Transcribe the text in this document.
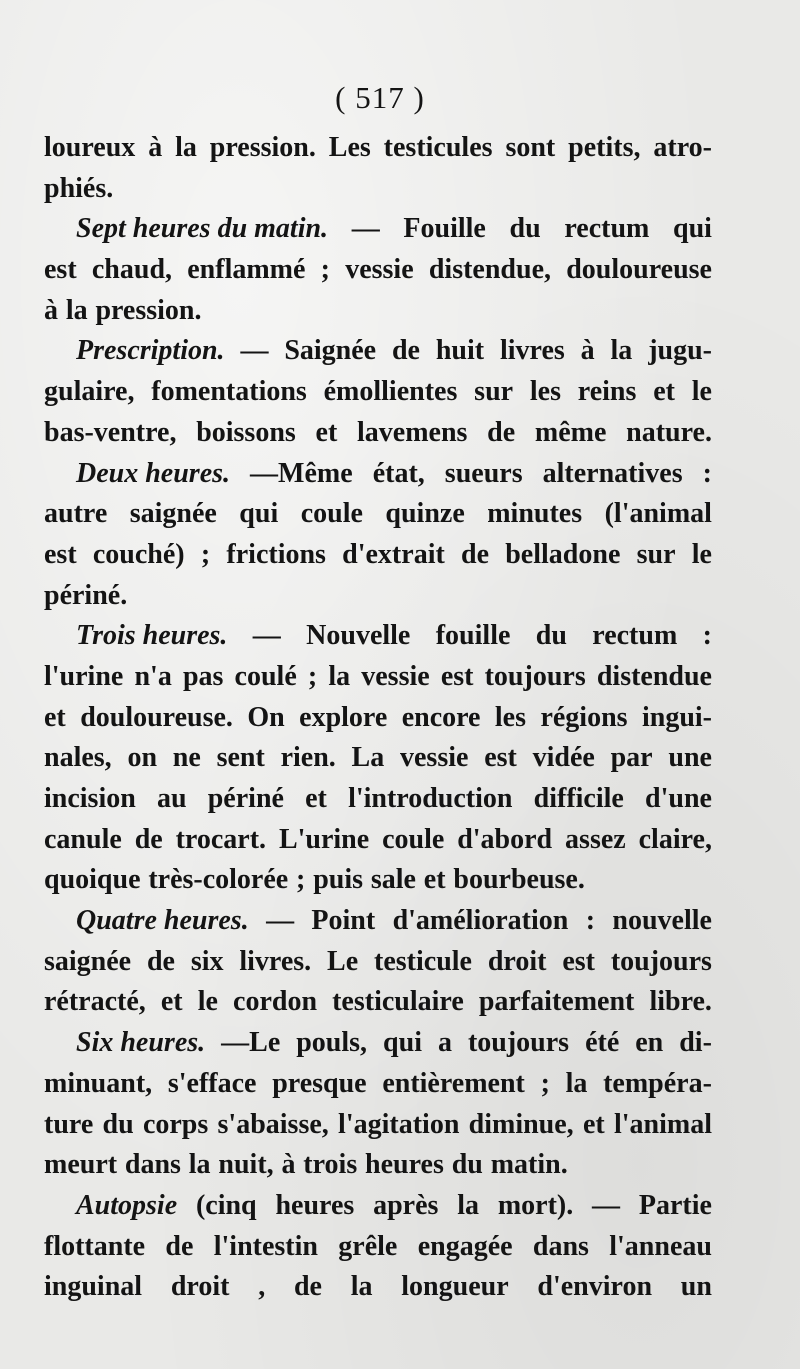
( 517 )
loureux à la pression. Les testicules sont petits, atro-
phiés.
Sept heures du matin. — Fouille du rectum qui
est chaud, enflammé ; vessie distendue, douloureuse
à la pression.
Prescription. — Saignée de huit livres à la jugu-
gulaire, fomentations émollientes sur les reins et le
bas-ventre, boissons et lavemens de même nature.
Deux heures. —Même état, sueurs alternatives :
autre saignée qui coule quinze minutes (l'animal
est couché) ; frictions d'extrait de belladone sur le
périné.
Trois heures. — Nouvelle fouille du rectum :
l'urine n'a pas coulé ; la vessie est toujours distendue
et douloureuse. On explore encore les régions ingui-
nales, on ne sent rien. La vessie est vidée par une
incision au périné et l'introduction difficile d'une
canule de trocart. L'urine coule d'abord assez claire,
quoique très-colorée ; puis sale et bourbeuse.
Quatre heures. — Point d'amélioration : nouvelle
saignée de six livres. Le testicule droit est toujours
rétracté, et le cordon testiculaire parfaitement libre.
Six heures. —Le pouls, qui a toujours été en di-
minuant, s'efface presque entièrement ; la tempéra-
ture du corps s'abaisse, l'agitation diminue, et l'animal
meurt dans la nuit, à trois heures du matin.
Autopsie (cinq heures après la mort). — Partie
flottante de l'intestin grêle engagée dans l'anneau
inguinal droit , de la longueur d'environ un
